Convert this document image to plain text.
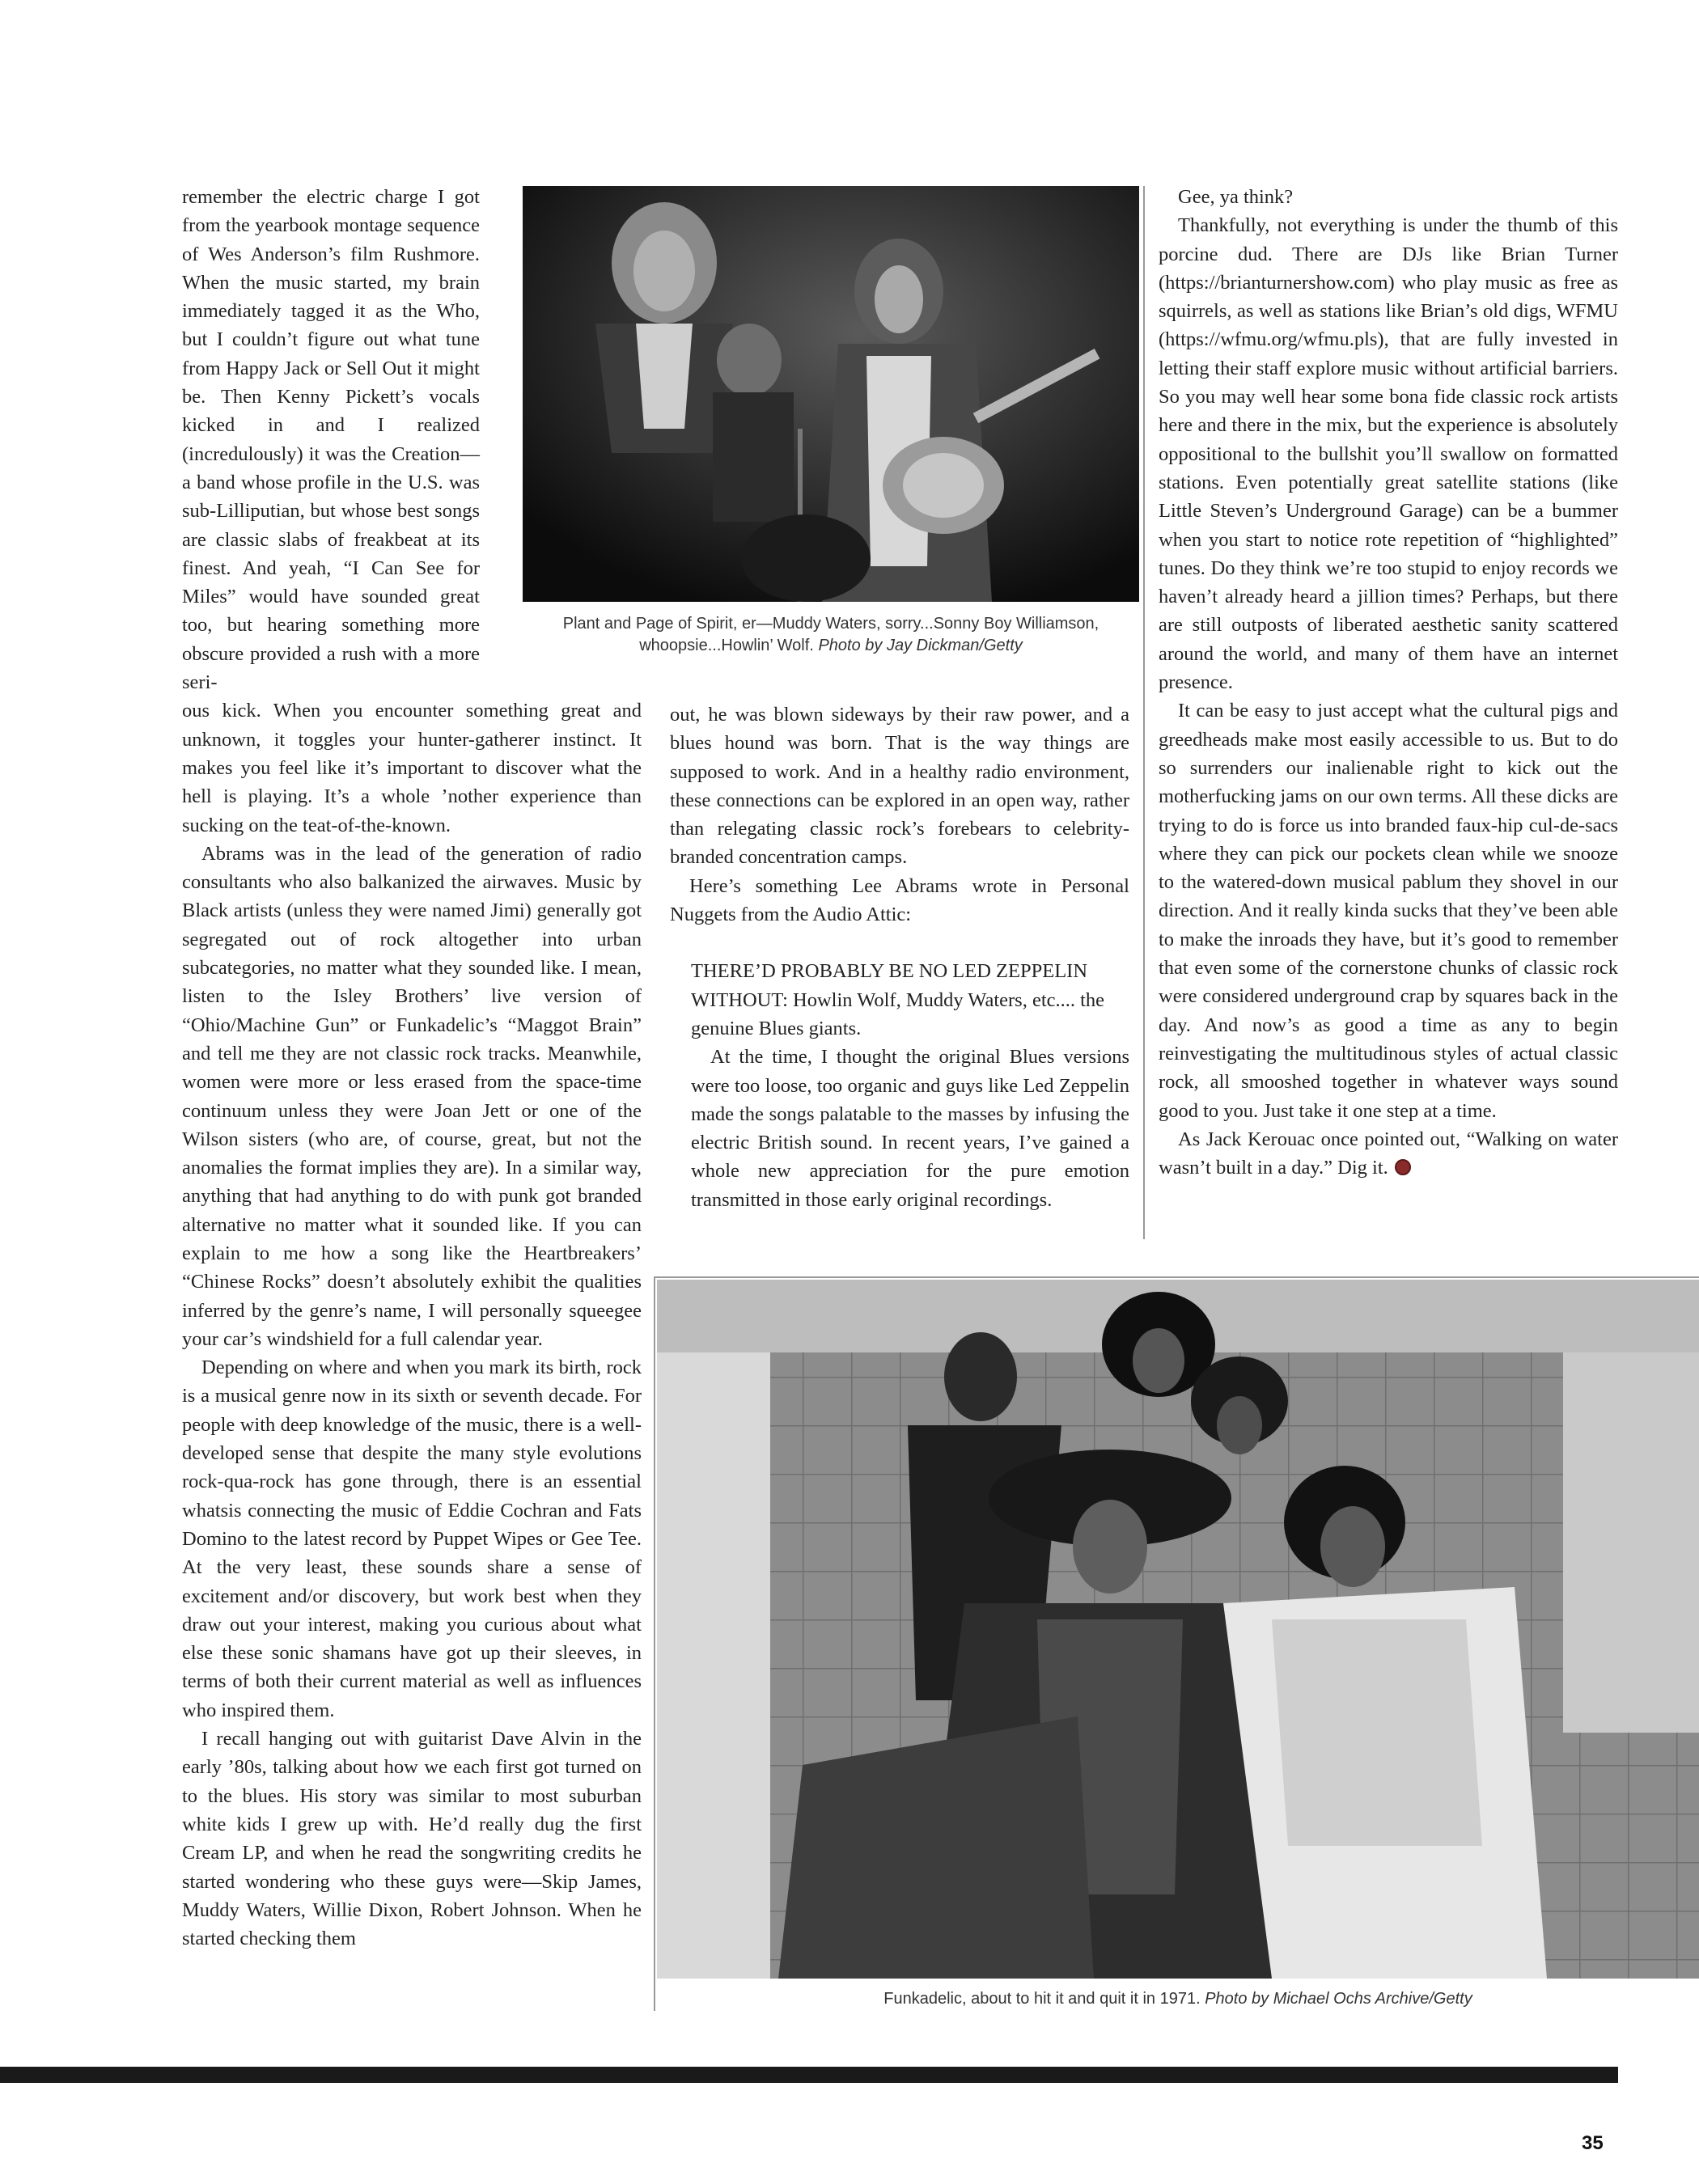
Plant and Page of Spirit, er—Muddy Waters, sorry...Sonny Boy Williamson, whoopsie...Howlin’ Wolf. Photo by Jay Dickman/Getty

remember the electric charge I got from the yearbook montage sequence of Wes Anderson’s film Rushmore. When the music started, my brain immediately tagged it as the Who, but I couldn’t figure out what tune from Happy Jack or Sell Out it might be. Then Kenny Pickett’s vocals kicked in and I realized (incredulously) it was the Creation—a band whose profile in the U.S. was sub-Lilliputian, but whose best songs are classic slabs of freakbeat at its finest. And yeah, “I Can See for Miles” would have sounded great too, but hearing something more obscure provided a rush with a more seri-

ous kick. When you encounter something great and unknown, it toggles your hunter-gatherer instinct. It makes you feel like it’s important to discover what the hell is playing. It’s a whole ’nother experience than sucking on the teat-of-the-known.

Abrams was in the lead of the generation of radio consultants who also balkanized the airwaves. Music by Black artists (unless they were named Jimi) generally got segregated out of rock altogether into urban subcategories, no matter what they sounded like. I mean, listen to the Isley Brothers’ live version of “Ohio/Machine Gun” or Funkadelic’s “Maggot Brain” and tell me they are not classic rock tracks. Meanwhile, women were more or less erased from the space-time continuum unless they were Joan Jett or one of the Wilson sisters (who are, of course, great, but not the anomalies the format implies they are). In a similar way, anything that had anything to do with punk got branded alternative no matter what it sounded like. If you can explain to me how a song like the Heartbreakers’ “Chinese Rocks” doesn’t absolutely exhibit the qualities inferred by the genre’s name, I will personally squeegee your car’s windshield for a full calendar year.

Depending on where and when you mark its birth, rock is a musical genre now in its sixth or seventh decade. For people with deep knowledge of the music, there is a well-developed sense that despite the many style evolutions rock-qua-rock has gone through, there is an essential whatsis connecting the music of Eddie Cochran and Fats Domino to the latest record by Puppet Wipes or Gee Tee. At the very least, these sounds share a sense of excitement and/or discovery, but work best when they draw out your interest, making you curious about what else these sonic shamans have got up their sleeves, in terms of both their current material as well as influences who inspired them.

I recall hanging out with guitarist Dave Alvin in the early ’80s, talking about how we each first got turned on to the blues. His story was similar to most suburban white kids I grew up with. He’d really dug the first Cream LP, and when he read the songwriting credits he started wondering who these guys were—Skip James, Muddy Waters, Willie Dixon, Robert Johnson. When he started checking them

out, he was blown sideways by their raw power, and a blues hound was born. That is the way things are supposed to work. And in a healthy radio environment, these connections can be explored in an open way, rather than relegating classic rock’s forebears to celebrity-branded concentration camps.

Here’s something Lee Abrams wrote in Personal Nuggets from the Audio Attic:

THERE’D PROBABLY BE NO LED ZEPPELIN WITHOUT: Howlin Wolf, Muddy Waters, etc.... the genuine Blues giants.

At the time, I thought the original Blues versions were too loose, too organic and guys like Led Zeppelin made the songs palatable to the masses by infusing the electric British sound. In recent years, I’ve gained a whole new appreciation for the pure emotion transmitted in those early original recordings.

Gee, ya think?

Thankfully, not everything is under the thumb of this porcine dud. There are DJs like Brian Turner (https://brianturnershow.com) who play music as free as squirrels, as well as stations like Brian’s old digs, WFMU (https://wfmu.org/wfmu.pls), that are fully invested in letting their staff explore music without artificial barriers. So you may well hear some bona fide classic rock artists here and there in the mix, but the experience is absolutely oppositional to the bullshit you’ll swallow on formatted stations. Even potentially great satellite stations (like Little Steven’s Underground Garage) can be a bummer when you start to notice rote repetition of “highlighted” tunes. Do they think we’re too stupid to enjoy records we haven’t already heard a jillion times? Perhaps, but there are still outposts of liberated aesthetic sanity scattered around the world, and many of them have an internet presence.

It can be easy to just accept what the cultural pigs and greedheads make most easily accessible to us. But to do so surrenders our inalienable right to kick out the motherfucking jams on our own terms. All these dicks are trying to do is force us into branded faux-hip cul-de-sacs where they can pick our pockets clean while we snooze to the watered-down musical pablum they shovel in our direction. And it really kinda sucks that they’ve been able to make the inroads they have, but it’s good to remember that even some of the cornerstone chunks of classic rock were considered underground crap by squares back in the day. And now’s as good a time as any to begin reinvestigating the multitudinous styles of actual classic rock, all smooshed together in whatever ways sound good to you. Just take it one step at a time.

As Jack Kerouac once pointed out, “Walking on water wasn’t built in a day.” Dig it.

Funkadelic, about to hit it and quit it in 1971. Photo by Michael Ochs Archive/Getty
35
